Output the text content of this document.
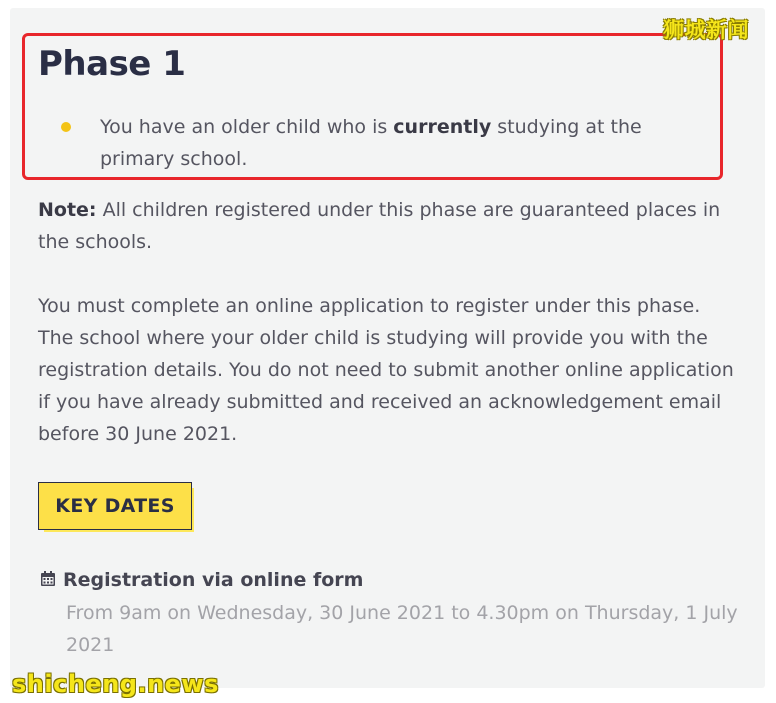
Phase 1

You have an older child who is currently studying at the primary school.

Note: All children registered under this phase are guaranteed places in the schools.

You must complete an online application to register under this phase. The school where your older child is studying will provide you with the registration details. You do not need to submit another online application if you have already submitted and received an acknowledgement email before 30 June 2021.

KEY DATES

Registration via online form

From 9am on Wednesday, 30 June 2021 to 4.30pm on Thursday, 1 July 2021

狮城新闻
shicheng.news
